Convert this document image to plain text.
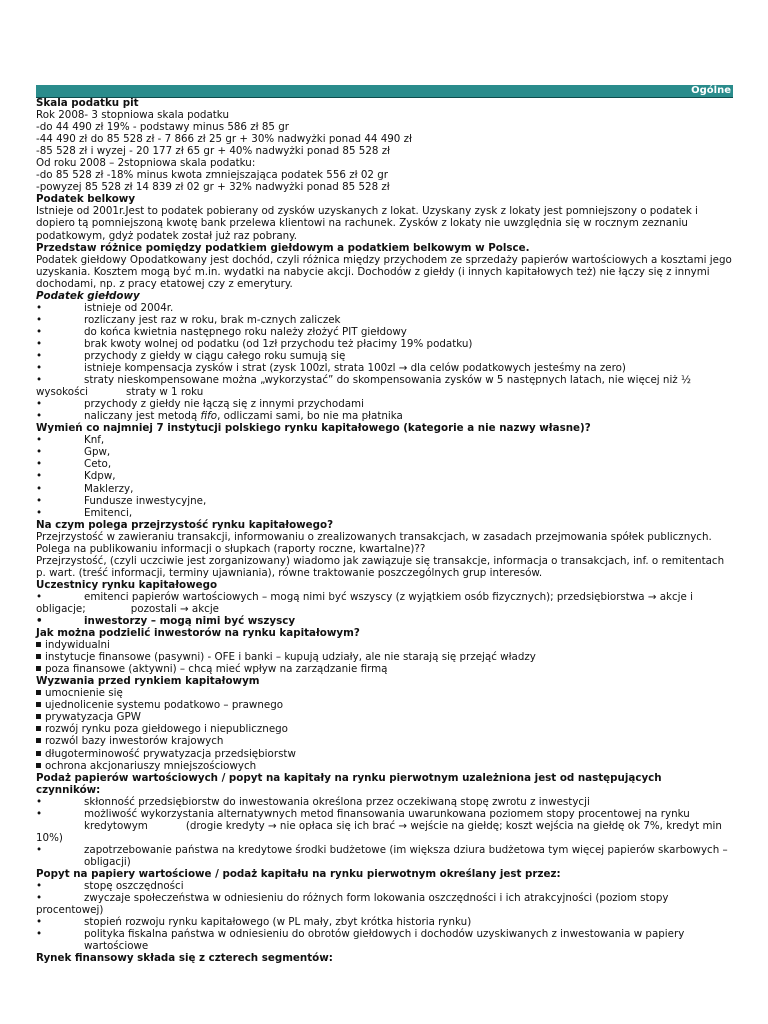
Ogólne

Skala podatku pit

Rok 2008- 3 stopniowa skala podatku

-do 44 490 zł 19% - podstawy minus 586 zł 85 gr

-44 490 zł do 85 528 zł - 7 866 zł 25 gr + 30% nadwyżki ponad 44 490 zł

-85 528 zł i wyzej - 20 177 zł 65 gr + 40% nadwyżki ponad 85 528 zł

Od roku 2008 – 2stopniowa skala podatku:

-do 85 528 zł -18% minus kwota zmniejszająca podatek 556 zł 02 gr

-powyzej 85 528 zł 14 839 zł 02 gr + 32% nadwyżki ponad 85 528 zł

Podatek belkowy

Istnieje od 2001r.Jest to podatek pobierany od zysków uzyskanych z lokat. Uzyskany zysk z lokaty jest pomniejszony o podatek i dopiero tą pomniejszoną kwotę bank przelewa klientowi na rachunek. Zysków z lokaty nie uwzględnia się w rocznym zeznaniu podatkowym, gdyż podatek został już raz pobrany.

Przedstaw różnice pomiędzy podatkiem giełdowym a podatkiem belkowym w Polsce.

Podatek giełdowy Opodatkowany jest dochód, czyli różnica między przychodem ze sprzedaży papierów wartościowych a kosztami jego uzyskania. Kosztem mogą być m.in. wydatki na nabycie akcji. Dochodów z giełdy (i innych kapitałowych też) nie łączy się z innymi dochodami, np. z pracy etatowej czy z emerytury.

Podatek giełdowy

• istnieje od 2004r.

• rozliczany jest raz w roku, brak m-cznych zaliczek

• do końca kwietnia następnego roku należy złożyć PIT giełdowy

• brak kwoty wolnej od podatku (od 1zł przychodu też płacimy 19% podatku)

• przychody z giełdy w ciągu całego roku sumują się

• istnieje kompensacja zysków i strat (zysk 100zl, strata 100zl → dla celów podatkowych jesteśmy na zero)

• straty nieskompensowane można „wykorzystać” do skompensowania zysków w 5 następnych latach, nie więcej niż ½

wysokości	straty w 1 roku

• przychody z giełdy nie łączą się z innymi przychodami

• naliczany jest metodą fifo, odliczami sami, bo nie ma płatnika

Wymień co najmniej 7 instytucji polskiego rynku kapitałowego (kategorie a nie nazwy własne)?

• Knf,

• Gpw,

• Ceto,

• Kdpw,

• Maklerzy,

• Fundusze inwestycyjne,

• Emitenci,

Na czym polega przejrzystość rynku kapitałowego?

Przejrzystość w zawieraniu transakcji, informowaniu o zrealizowanych transakcjach, w zasadach przejmowania spółek publicznych. Polega na publikowaniu informacji o słupkach (raporty roczne, kwartalne)??

Przejrzystość, (czyli uczciwie jest zorganizowany) wiadomo jak zawiązuje się transakcje, informacja o transakcjach, inf. o remitentach p. wart. (treść informacji, terminy ujawniania), równe traktowanie poszczególnych grup interesów.

Uczestnicy rynku kapitałowego

• emitenci papierów wartościowych – mogą nimi być wszyscy (z wyjątkiem osób fizycznych); przedsiębiorstwa → akcje i

obligacje;	pozostali → akcje

• inwestorzy – mogą nimi być wszyscy

Jak można podzielić inwestorów na rynku kapitałowym?

indywidualni

instytucje finansowe (pasywni) - OFE i banki – kupują udziały, ale nie starają się przejąć władzy

poza finansowe (aktywni) – chcą mieć wpływ na zarządzanie firmą

Wyzwania przed rynkiem kapitałowym

umocnienie się

ujednolicenie systemu podatkowo – prawnego

prywatyzacja GPW

rozwój rynku poza giełdowego i niepublicznego

rozwól bazy inwestorów krajowych

długoterminowość prywatyzacja przedsiębiorstw

ochrona akcjonariuszy mniejszościowych

Podaż papierów wartościowych / popyt na kapitały na rynku pierwotnym uzależniona jest od następujących

czynników:

• skłonność przedsiębiorstw do inwestowania określona przez oczekiwaną stopę zwrotu z inwestycji

• możliwość wykorzystania alternatywnych metod finansowania uwarunkowana poziomem stopy procentowej na rynku

kredytowym	(drogie kredyty → nie opłaca się ich brać → wejście na giełdę; koszt wejścia na giełdę ok 7%, kredyt min

10%)

• zapotrzebowanie państwa na kredytowe środki budżetowe (im większa dziura budżetowa tym więcej papierów skarbowych –

obligacji)

Popyt na papiery wartościowe / podaż kapitału na rynku pierwotnym określany jest przez:

• stopę oszczędności

• zwyczaje społeczeństwa w odniesieniu do różnych form lokowania oszczędności i ich atrakcyjności (poziom stopy

procentowej)

• stopień rozwoju rynku kapitałowego (w PL mały, zbyt krótka historia rynku)

• polityka fiskalna państwa w odniesieniu do obrotów giełdowych i dochodów uzyskiwanych z inwestowania w papiery

wartościowe

Rynek finansowy składa się z czterech segmentów:
